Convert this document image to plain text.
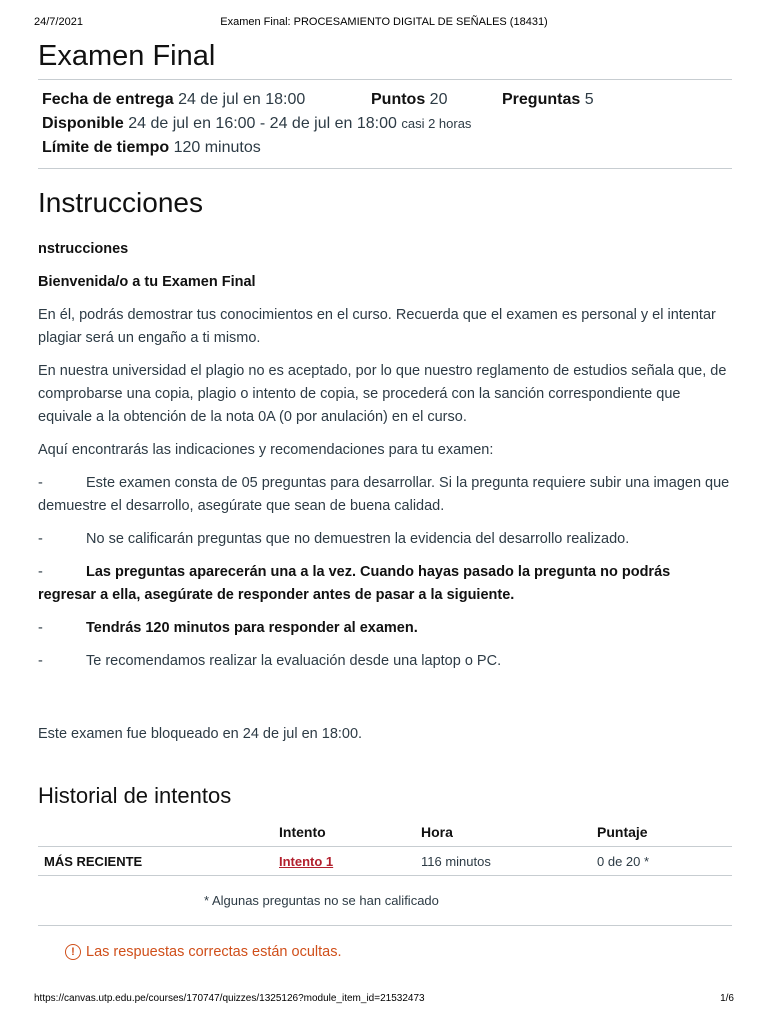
24/7/2021	Examen Final: PROCESAMIENTO DIGITAL DE SEÑALES (18431)
Examen Final
Fecha de entrega 24 de jul en 18:00	Puntos 20	Preguntas 5
Disponible 24 de jul en 16:00 - 24 de jul en 18:00 casi 2 horas
Límite de tiempo 120 minutos
Instrucciones

nstrucciones

Bienvenida/o a tu Examen Final

En él, podrás demostrar tus conocimientos en el curso. Recuerda que el examen es personal y el intentar plagiar será un engaño a ti mismo.

En nuestra universidad el plagio no es aceptado, por lo que nuestro reglamento de estudios señala que, de comprobarse una copia, plagio o intento de copia, se procederá con la sanción correspondiente que equivale a la obtención de la nota 0A (0 por anulación) en el curso.

Aquí encontrarás las indicaciones y recomendaciones para tu examen:

-	Este examen consta de 05 preguntas para desarrollar. Si la pregunta requiere subir una imagen que demuestre el desarrollo, asegúrate que sean de buena calidad.

-	No se calificarán preguntas que no demuestren la evidencia del desarrollo realizado.

-	Las preguntas aparecerán una a la vez. Cuando hayas pasado la pregunta no podrás regresar a ella, asegúrate de responder antes de pasar a la siguiente.

-	Tendrás 120 minutos para responder al examen.

-	Te recomendamos realizar la evaluación desde una laptop o PC.

Este examen fue bloqueado en 24 de jul en 18:00.

Historial de intentos
	Intento	Hora	Puntaje
MÁS RECIENTE	Intento 1	116 minutos	0 de 20 *
* Algunas preguntas no se han calificado
! Las respuestas correctas están ocultas.
https://canvas.utp.edu.pe/courses/170747/quizzes/1325126?module_item_id=21532473	1/6
